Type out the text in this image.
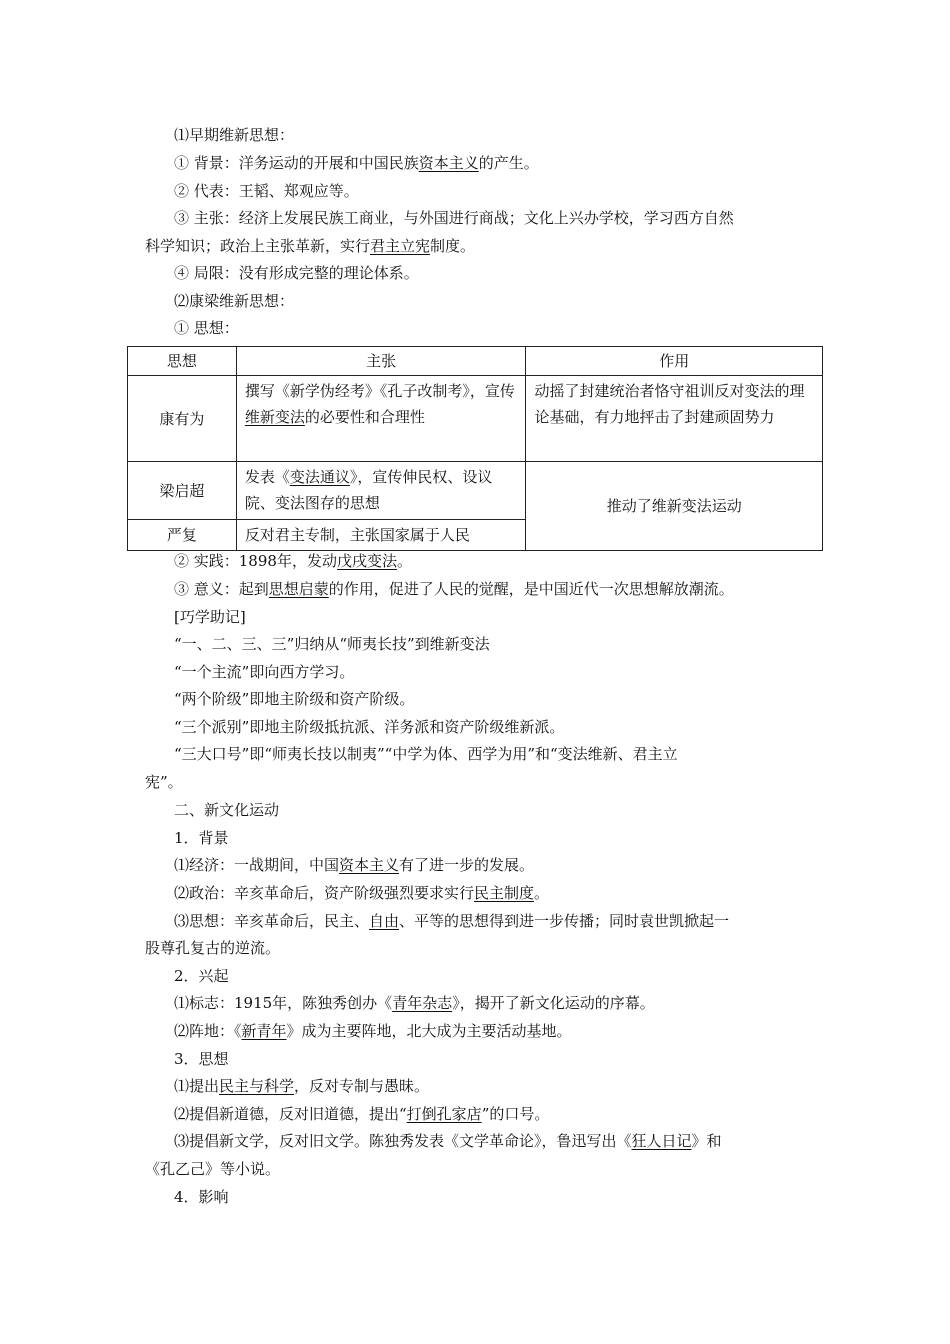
⑴早期维新思想：
① 背景：洋务运动的开展和中国民族资本主义的产生。
② 代表：王韬、郑观应等。
③ 主张：经济上发展民族工商业，与外国进行商战；文化上兴办学校，学习西方自然
科学知识；政治上主张革新，实行君主立宪制度。
④ 局限：没有形成完整的理论体系。
⑵康梁维新思想：
① 思想：
思想	主张	作用
康有为	撰写《新学伪经考》《孔子改制考》，宣传维新变法的必要性和合理性	动摇了封建统治者恪守祖训反对变法的理论基础，有力地抨击了封建顽固势力
梁启超	发表《变法通议》，宣传伸民权、设议院、变法图存的思想	推动了维新变法运动
严复	反对君主专制，主张国家属于人民	
② 实践：1898年，发动戊戌变法。
③ 意义：起到思想启蒙的作用，促进了人民的觉醒，是中国近代一次思想解放潮流。
[巧学助记]
“一、二、三、三”归纳从“师夷长技”到维新变法
“一个主流”即向西方学习。
“两个阶级”即地主阶级和资产阶级。
“三个派别”即地主阶级抵抗派、洋务派和资产阶级维新派。
“三大口号”即“师夷长技以制夷”“中学为体、西学为用”和“变法维新、君主立
宪”。
二、新文化运动
1．背景
⑴经济：一战期间，中国资本主义有了进一步的发展。
⑵政治：辛亥革命后，资产阶级强烈要求实行民主制度。
⑶思想：辛亥革命后，民主、自由、平等的思想得到进一步传播；同时袁世凯掀起一
股尊孔复古的逆流。
2．兴起
⑴标志：1915年，陈独秀创办《青年杂志》，揭开了新文化运动的序幕。
⑵阵地：《新青年》成为主要阵地，北大成为主要活动基地。
3．思想
⑴提出民主与科学，反对专制与愚昧。
⑵提倡新道德，反对旧道德，提出“打倒孔家店”的口号。
⑶提倡新文学，反对旧文学。陈独秀发表《文学革命论》，鲁迅写出《狂人日记》和
《孔乙己》等小说。
4．影响
